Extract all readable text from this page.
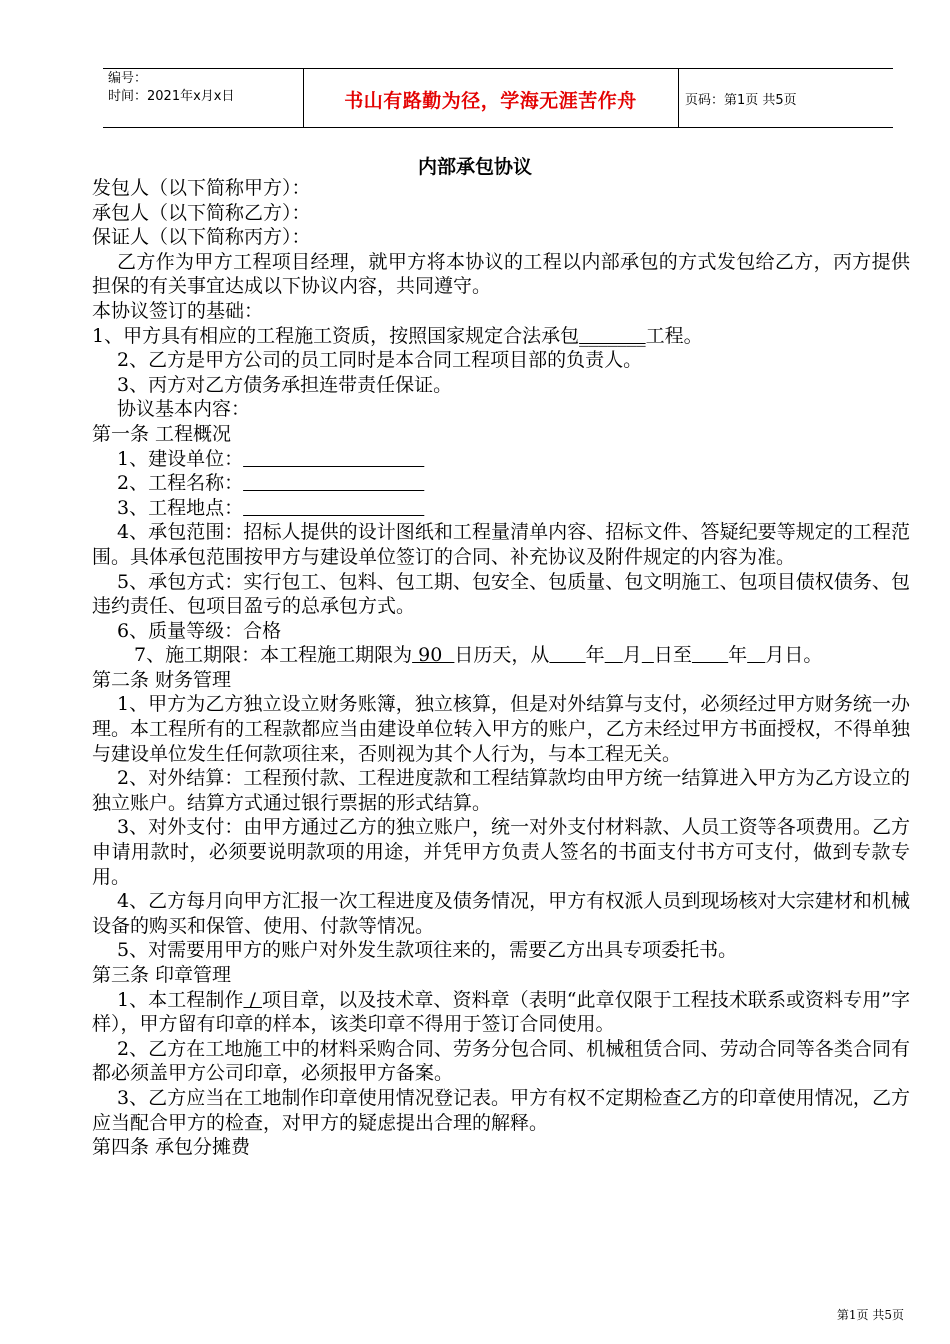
编号：
时间：2021年x月x日	书山有路勤为径，学海无涯苦作舟	页码：第1页 共5页
内部承包协议

发包人（以下简称甲方）：

承包人（以下简称乙方）：

保证人（以下简称丙方）：

乙方作为甲方工程项目经理，就甲方将本协议的工程以内部承包的方式发包给乙方，丙方提供担保的有关事宜达成以下协议内容，共同遵守。

本协议签订的基础：

1、甲方具有相应的工程施工资质，按照国家规定合法承包_______工程。

2、乙方是甲方公司的员工同时是本合同工程项目部的负责人。

3、丙方对乙方债务承担连带责任保证。

协议基本内容：

第一条 工程概况

1、建设单位：

2、工程名称：

3、工程地点：

4、承包范围：招标人提供的设计图纸和工程量清单内容、招标文件、答疑纪要等规定的工程范围。具体承包范围按甲方与建设单位签订的合同、补充协议及附件规定的内容为准。

5、承包方式：实行包工、包料、包工期、包安全、包质量、包文明施工、包项目债权债务、包违约责任、包项目盈亏的总承包方式。

6、质量等级：合格

7、施工期限：本工程施工期限为 90  日历天，从 年 月 日至 年 月日。

第二条 财务管理

1、甲方为乙方独立设立财务账簿，独立核算，但是对外结算与支付，必须经过甲方财务统一办理。本工程所有的工程款都应当由建设单位转入甲方的账户，乙方未经过甲方书面授权，不得单独与建设单位发生任何款项往来，否则视为其个人行为，与本工程无关。

2、对外结算：工程预付款、工程进度款和工程结算款均由甲方统一结算进入甲方为乙方设立的独立账户。结算方式通过银行票据的形式结算。

3、对外支付：由甲方通过乙方的独立账户，统一对外支付材料款、人员工资等各项费用。乙方申请用款时，必须要说明款项的用途，并凭甲方负责人签名的书面支付书方可支付，做到专款专用。

4、乙方每月向甲方汇报一次工程进度及债务情况，甲方有权派人员到现场核对大宗建材和机械设备的购买和保管、使用、付款等情况。

5、对需要用甲方的账户对外发生款项往来的，需要乙方出具专项委托书。

第三条 印章管理

1、本工程制作 / 项目章，以及技术章、资料章（表明“此章仅限于工程技术联系或资料专用”字样），甲方留有印章的样本，该类印章不得用于签订合同使用。

2、乙方在工地施工中的材料采购合同、劳务分包合同、机械租赁合同、劳动合同等各类合同有都必须盖甲方公司印章，必须报甲方备案。

3、乙方应当在工地制作印章使用情况登记表。甲方有权不定期检查乙方的印章使用情况，乙方应当配合甲方的检查，对甲方的疑虑提出合理的解释。

第四条 承包分摊费

第1页 共5页
